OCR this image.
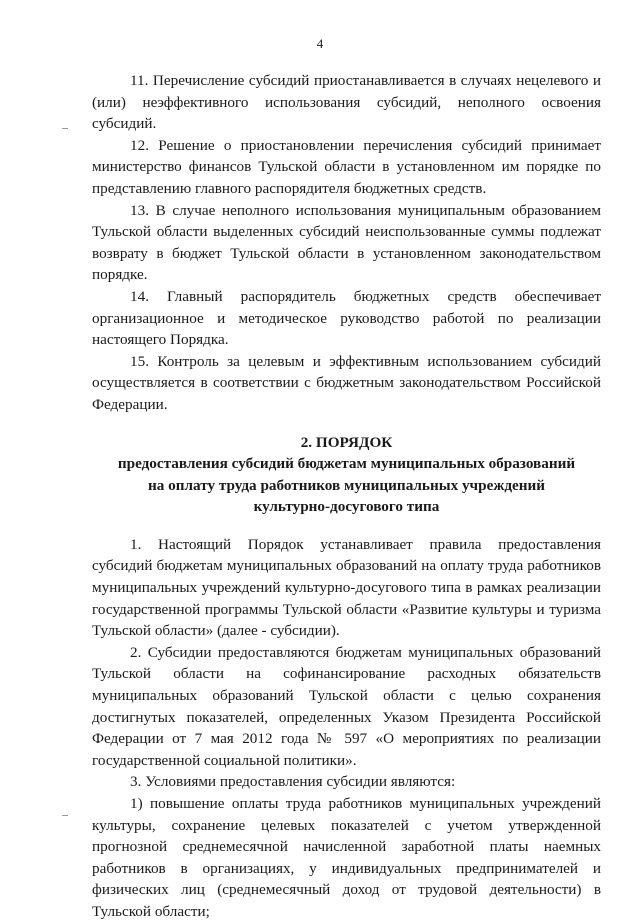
4

11. Перечисление субсидий приостанавливается в случаях нецелевого и (или) неэффективного использования субсидий, неполного освоения субсидий.

12. Решение о приостановлении перечисления субсидий принимает министерство финансов Тульской области в установленном им порядке по представлению главного распорядителя бюджетных средств.

13. В случае неполного использования муниципальным образованием Тульской области выделенных субсидий неиспользованные суммы подлежат возврату в бюджет Тульской области в установленном законодательством порядке.

14. Главный распорядитель бюджетных средств обеспечивает организационное и методическое руководство работой по реализации настоящего Порядка.

15. Контроль за целевым и эффективным использованием субсидий осуществляется в соответствии с бюджетным законодательством Российской Федерации.

2. ПОРЯДОК

предоставления субсидий бюджетам муниципальных образований

на оплату труда работников муниципальных учреждений

культурно-досугового типа

1. Настоящий Порядок устанавливает правила предоставления субсидий бюджетам муниципальных образований на оплату труда работников муниципальных учреждений культурно-досугового типа в рамках реализации государственной программы Тульской области «Развитие культуры и туризма Тульской области» (далее - субсидии).

2. Субсидии предоставляются бюджетам муниципальных образований Тульской области на софинансирование расходных обязательств муниципальных образований Тульской области с целью сохранения достигнутых показателей, определенных Указом Президента Российской Федерации от 7 мая 2012 года № 597 «О мероприятиях по реализации государственной социальной политики».

3. Условиями предоставления субсидии являются:

1) повышение оплаты труда работников муниципальных учреждений культуры, сохранение целевых показателей с учетом утвержденной прогнозной среднемесячной начисленной заработной платы наемных работников в организациях, у индивидуальных предпринимателей и физических лиц (среднемесячный доход от трудовой деятельности) в Тульской области;
